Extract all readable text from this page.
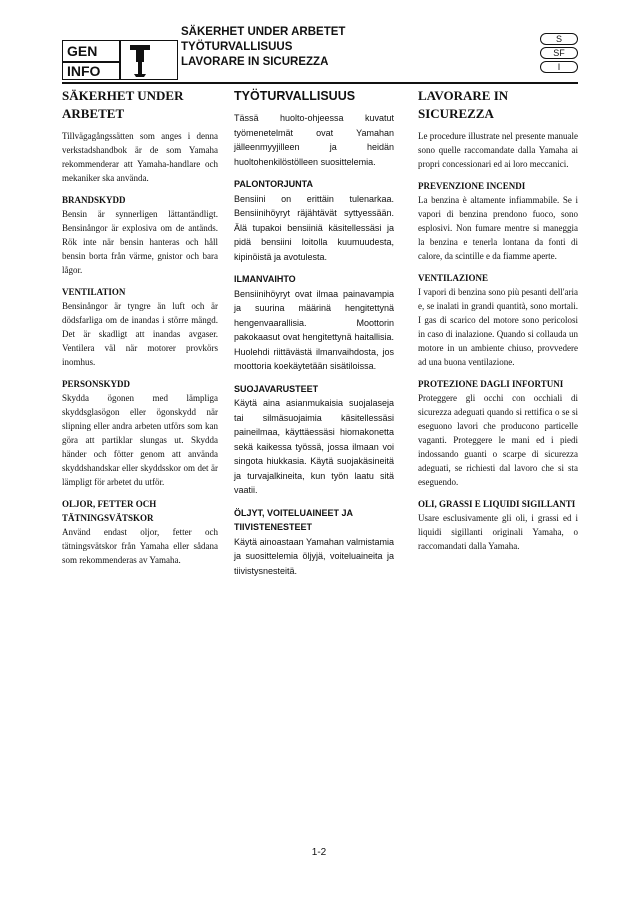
GEN
INFO
SÄKERHET UNDER ARBETET
TYÖTURVALLISUUS
LAVORARE IN SICUREZZA
S
SF
I
SÄKERHET UNDER ARBETET

Tillvägagångssätten som anges i denna verkstadshandbok är de som Yamaha rekommenderar att Yamaha-handlare och mekaniker ska använda.

BRANDSKYDD

Bensin är synnerligen lättantändligt. Bensinångor är explosiva om de antänds. Rök inte när bensin hanteras och håll bensin borta från värme, gnistor och bara lågor.

VENTILATION

Bensinångor är tyngre än luft och är dödsfarliga om de inandas i större mängd. Det är skadligt att inandas avgaser. Ventilera väl när motorer provkörs inomhus.

PERSONSKYDD

Skydda ögonen med lämpliga skyddsglasögon eller ögonskydd när slipning eller andra arbeten utförs som kan göra att partiklar slungas ut. Skydda händer och fötter genom att använda skyddshandskar eller skyddsskor om det är lämpligt för arbetet du utför.

OLJOR, FETTER OCH TÄTNINGSVÄTSKOR

Använd endast oljor, fetter och tätningsvätskor från Yamaha eller sådana som rekommenderas av Yamaha.

TYÖTURVALLISUUS

Tässä huolto-ohjeessa kuvatut työmenetelmät ovat Yamahan jälleenmyyjilleen ja heidän huoltohenkilöstölleen suosittelemia.

PALONTORJUNTA

Bensiini on erittäin tulenarkaa. Bensiinihöyryt räjähtävät syttyessään. Älä tupakoi bensiiniä käsitellessäsi ja pidä bensiini loitolla kuumuudesta, kipinöistä ja avotulesta.

ILMANVAIHTO

Bensiinihöyryt ovat ilmaa painavampia ja suurina määrinä hengitettynä hengenvaarallisia. Moottorin pakokaasut ovat hengitettynä haitallisia. Huolehdi riittävästä ilmanvaihdosta, jos moottoria koekäytetään sisätiloissa.

SUOJAVARUSTEET

Käytä aina asianmukaisia suojalaseja tai silmäsuojaimia käsitellessäsi paineilmaa, käyttäessäsi hiomakonetta sekä kaikessa työssä, jossa ilmaan voi singota hiukkasia. Käytä suojakäsineitä ja turvajalkineita, kun työn laatu sitä vaatii.

ÖLJYT, VOITELUAINEET JA TIIVISTENESTEET

Käytä ainoastaan Yamahan valmistamia ja suosittelemia öljyjä, voiteluaineita ja tiivistysnesteitä.

LAVORARE IN SICUREZZA

Le procedure illustrate nel presente manuale sono quelle raccomandate dalla Yamaha ai propri concessionari ed ai loro meccanici.

PREVENZIONE INCENDI

La benzina è altamente infiammabile. Se i vapori di benzina prendono fuoco, sono esplosivi. Non fumare mentre si maneggia la benzina e tenerla lontana da fonti di calore, da scintille e da fiamme aperte.

VENTILAZIONE

I vapori di benzina sono più pesanti dell'aria e, se inalati in grandi quantità, sono mortali. I gas di scarico del motore sono pericolosi in caso di inalazione. Quando si collauda un motore in un ambiente chiuso, provvedere ad una buona ventilazione.

PROTEZIONE DAGLI INFORTUNI

Proteggere gli occhi con occhiali di sicurezza adeguati quando si rettifica o se si eseguono lavori che producono particelle vaganti. Proteggere le mani ed i piedi indossando guanti o scarpe di sicurezza adeguati, se richiesti dal lavoro che si sta eseguendo.

OLI, GRASSI E LIQUIDI SIGILLANTI

Usare esclusivamente gli oli, i grassi ed i liquidi sigillanti originali Yamaha, o raccomandati dalla Yamaha.

1-2
